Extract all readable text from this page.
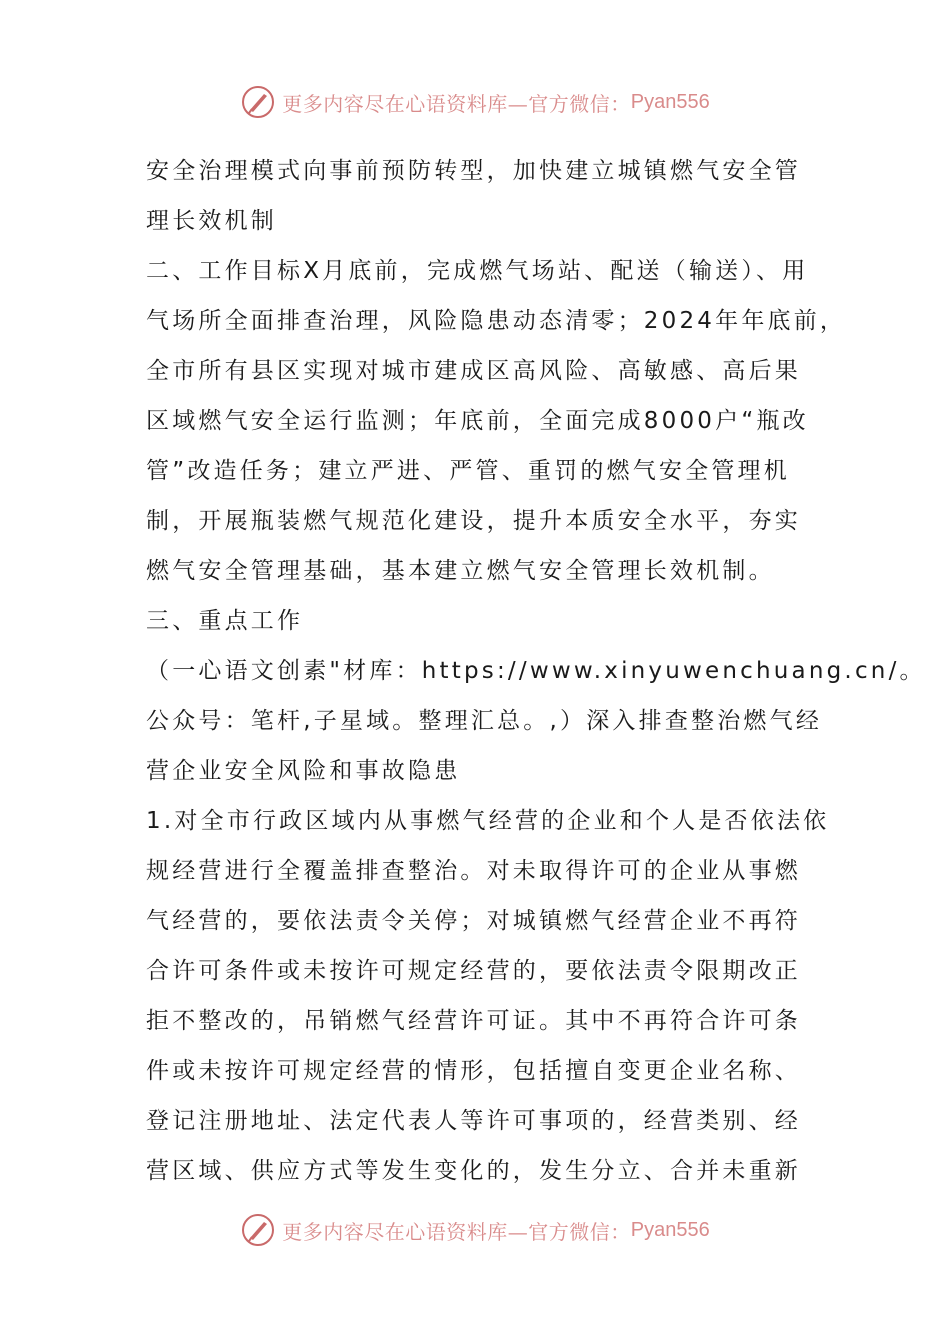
更多内容尽在心语资料库—官方微信： Pyan556
安全治理模式向事前预防转型，加快建立城镇燃气安全管
理长效机制
二、工作目标X月底前，完成燃气场站、配送（输送）、用
气场所全面排查治理，风险隐患动态清零；2024年年底前，
全市所有县区实现对城市建成区高风险、高敏感、高后果
区域燃气安全运行监测；年底前，全面完成8000户“瓶改
管”改造任务；建立严进、严管、重罚的燃气安全管理机
制，开展瓶装燃气规范化建设，提升本质安全水平，夯实
燃气安全管理基础，基本建立燃气安全管理长效机制。
三、重点工作
（一心语文创素"材库：https://www.xinyuwenchuang.cn/。
公众号：笔杆,子星域。整理汇总。,）深入排查整治燃气经
营企业安全风险和事故隐患
1.对全市行政区域内从事燃气经营的企业和个人是否依法依
规经营进行全覆盖排查整治。对未取得许可的企业从事燃
气经营的，要依法责令关停；对城镇燃气经营企业不再符
合许可条件或未按许可规定经营的，要依法责令限期改正
拒不整改的，吊销燃气经营许可证。其中不再符合许可条
件或未按许可规定经营的情形，包括擅自变更企业名称、
登记注册地址、法定代表人等许可事项的，经营类别、经
营区域、供应方式等发生变化的，发生分立、合并未重新
更多内容尽在心语资料库—官方微信： Pyan556
